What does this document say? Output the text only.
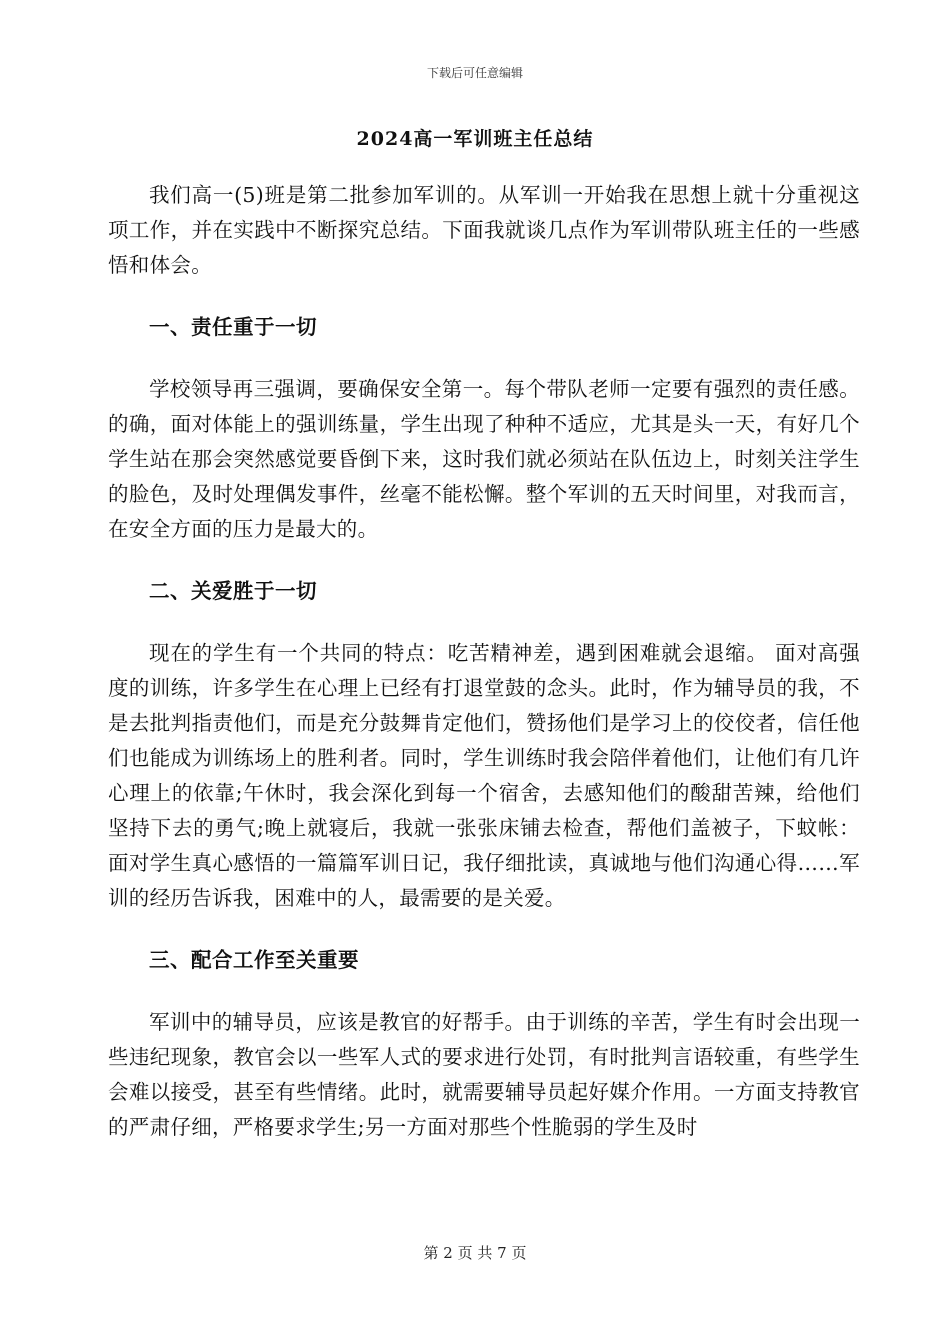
下载后可任意编辑
2024高一军训班主任总结

我们高一(5)班是第二批参加军训的。从军训一开始我在思想上就十分重视这项工作，并在实践中不断探究总结。下面我就谈几点作为军训带队班主任的一些感悟和体会。

一、责任重于一切

学校领导再三强调，要确保安全第一。每个带队老师一定要有强烈的责任感。的确，面对体能上的强训练量，学生出现了种种不适应，尤其是头一天，有好几个学生站在那会突然感觉要昏倒下来，这时我们就必须站在队伍边上，时刻关注学生的脸色，及时处理偶发事件，丝毫不能松懈。整个军训的五天时间里，对我而言，在安全方面的压力是最大的。

二、关爱胜于一切

现在的学生有一个共同的特点：吃苦精神差，遇到困难就会退缩。 面对高强度的训练，许多学生在心理上已经有打退堂鼓的念头。此时，作为辅导员的我，不是去批判指责他们，而是充分鼓舞肯定他们，赞扬他们是学习上的佼佼者，信任他们也能成为训练场上的胜利者。同时，学生训练时我会陪伴着他们，让他们有几许心理上的依靠;午休时，我会深化到每一个宿舍，去感知他们的酸甜苦辣，给他们坚持下去的勇气;晚上就寝后，我就一张张床铺去检查，帮他们盖被子，下蚊帐：面对学生真心感悟的一篇篇军训日记，我仔细批读，真诚地与他们沟通心得……军训的经历告诉我，困难中的人，最需要的是关爱。

三、配合工作至关重要

军训中的辅导员，应该是教官的好帮手。由于训练的辛苦，学生有时会出现一些违纪现象，教官会以一些军人式的要求进行处罚，有时批判言语较重，有些学生会难以接受，甚至有些情绪。此时，就需要辅导员起好媒介作用。一方面支持教官的严肃仔细，严格要求学生;另一方面对那些个性脆弱的学生及时

第 2 页 共 7 页
